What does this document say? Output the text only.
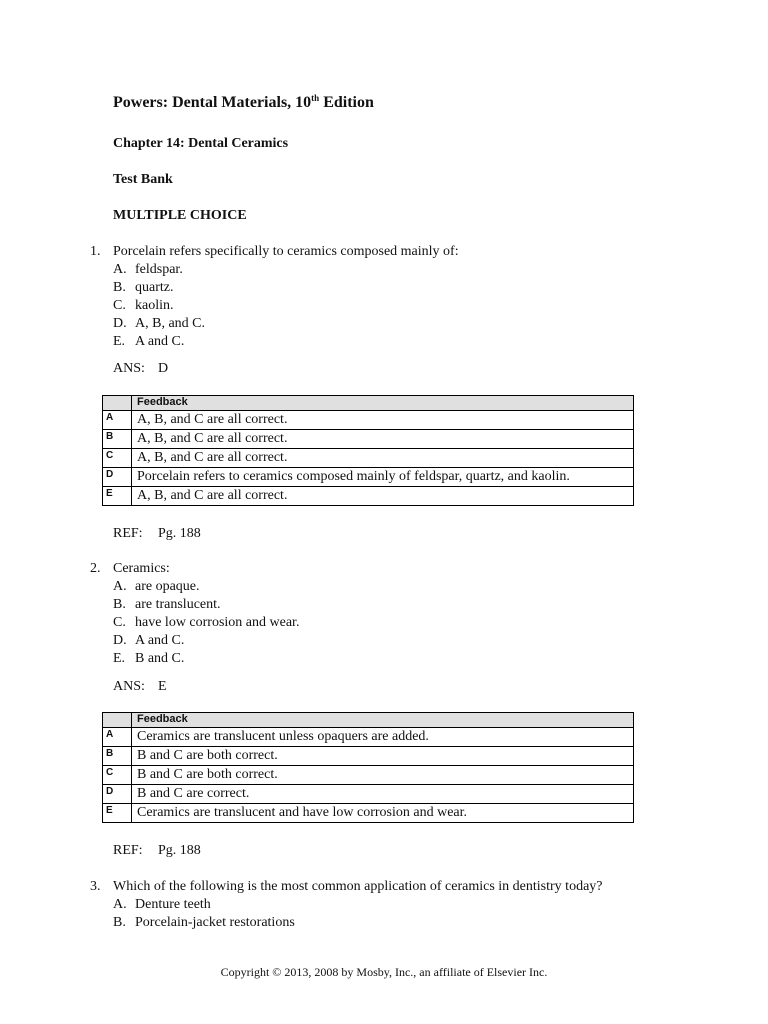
Powers: Dental Materials, 10th Edition
Chapter 14: Dental Ceramics
Test Bank
MULTIPLE CHOICE
1. Porcelain refers specifically to ceramics composed mainly of:
A. feldspar.
B. quartz.
C. kaolin.
D. A, B, and C.
E. A and C.
ANS: D
	Feedback
A	A, B, and C are all correct.
B	A, B, and C are all correct.
C	A, B, and C are all correct.
D	Porcelain refers to ceramics composed mainly of feldspar, quartz, and kaolin.
E	A, B, and C are all correct.
REF: Pg. 188
2. Ceramics:
A. are opaque.
B. are translucent.
C. have low corrosion and wear.
D. A and C.
E. B and C.
ANS: E
	Feedback
A	Ceramics are translucent unless opaquers are added.
B	B and C are both correct.
C	B and C are both correct.
D	B and C are correct.
E	Ceramics are translucent and have low corrosion and wear.
REF: Pg. 188
3. Which of the following is the most common application of ceramics in dentistry today?
A. Denture teeth
B. Porcelain-jacket restorations
Copyright © 2013, 2008 by Mosby, Inc., an affiliate of Elsevier Inc.
